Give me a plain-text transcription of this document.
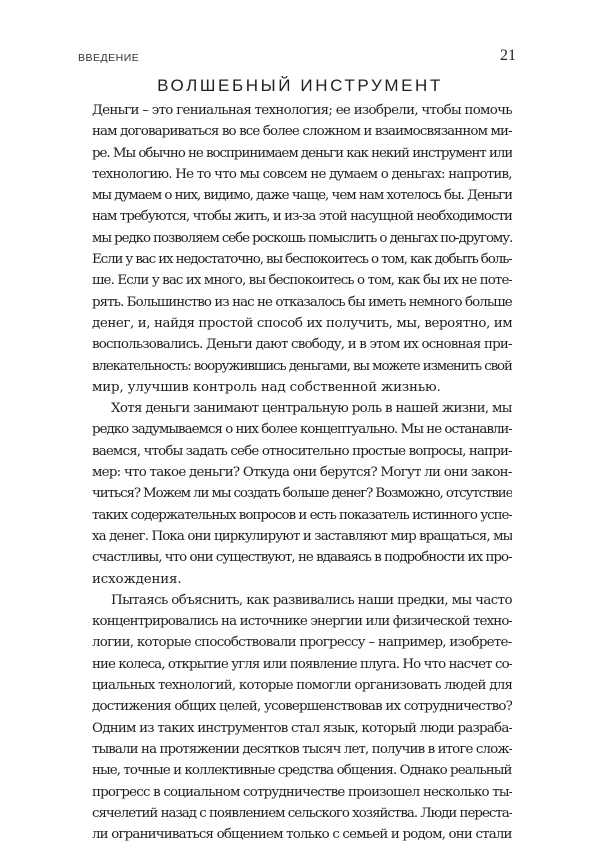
ВВЕДЕНИЕ	21
ВОЛШЕБНЫЙ ИНСТРУМЕНТ
Деньги – это гениальная технология; ее изобрели, чтобы помочь
нам договариваться во все более сложном и взаимосвязанном ми-
ре. Мы обычно не воспринимаем деньги как некий инструмент или
технологию. Не то что мы совсем не думаем о деньгах: напротив,
мы думаем о них, видимо, даже чаще, чем нам хотелось бы. Деньги
нам требуются, чтобы жить, и из-за этой насущной необходимости
мы редко позволяем себе роскошь помыслить о деньгах по-другому.
Если у вас их недостаточно, вы беспокоитесь о том, как добыть боль-
ше. Если у вас их много, вы беспокоитесь о том, как бы их не поте-
рять. Большинство из нас не отказалось бы иметь немного больше
денег, и, найдя простой способ их получить, мы, вероятно, им
воспользовались. Деньги дают свободу, и в этом их основная при-
влекательность: вооружившись деньгами, вы можете изменить свой
мир, улучшив контроль над собственной жизнью.
Хотя деньги занимают центральную роль в нашей жизни, мы
редко задумываемся о них более концептуально. Мы не останавли-
ваемся, чтобы задать себе относительно простые вопросы, напри-
мер: что такое деньги? Откуда они берутся? Могут ли они закон-
читься? Можем ли мы создать больше денег? Возможно, отсутствие
таких содержательных вопросов и есть показатель истинного успе-
ха денег. Пока они циркулируют и заставляют мир вращаться, мы
счастливы, что они существуют, не вдаваясь в подробности их про-
исхождения.
Пытаясь объяснить, как развивались наши предки, мы часто
концентрировались на источнике энергии или физической техно-
логии, которые способствовали прогрессу – например, изобрете-
ние колеса, открытие угля или появление плуга. Но что насчет со-
циальных технологий, которые помогли организовать людей для
достижения общих целей, усовершенствовав их сотрудничество?
Одним из таких инструментов стал язык, который люди разраба-
тывали на протяжении десятков тысяч лет, получив в итоге слож-
ные, точные и коллективные средства общения. Однако реальный
прогресс в социальном сотрудничестве произошел несколько ты-
сячелетий назад с появлением сельского хозяйства. Люди переста-
ли ограничиваться общением только с семьей и родом, они стали
